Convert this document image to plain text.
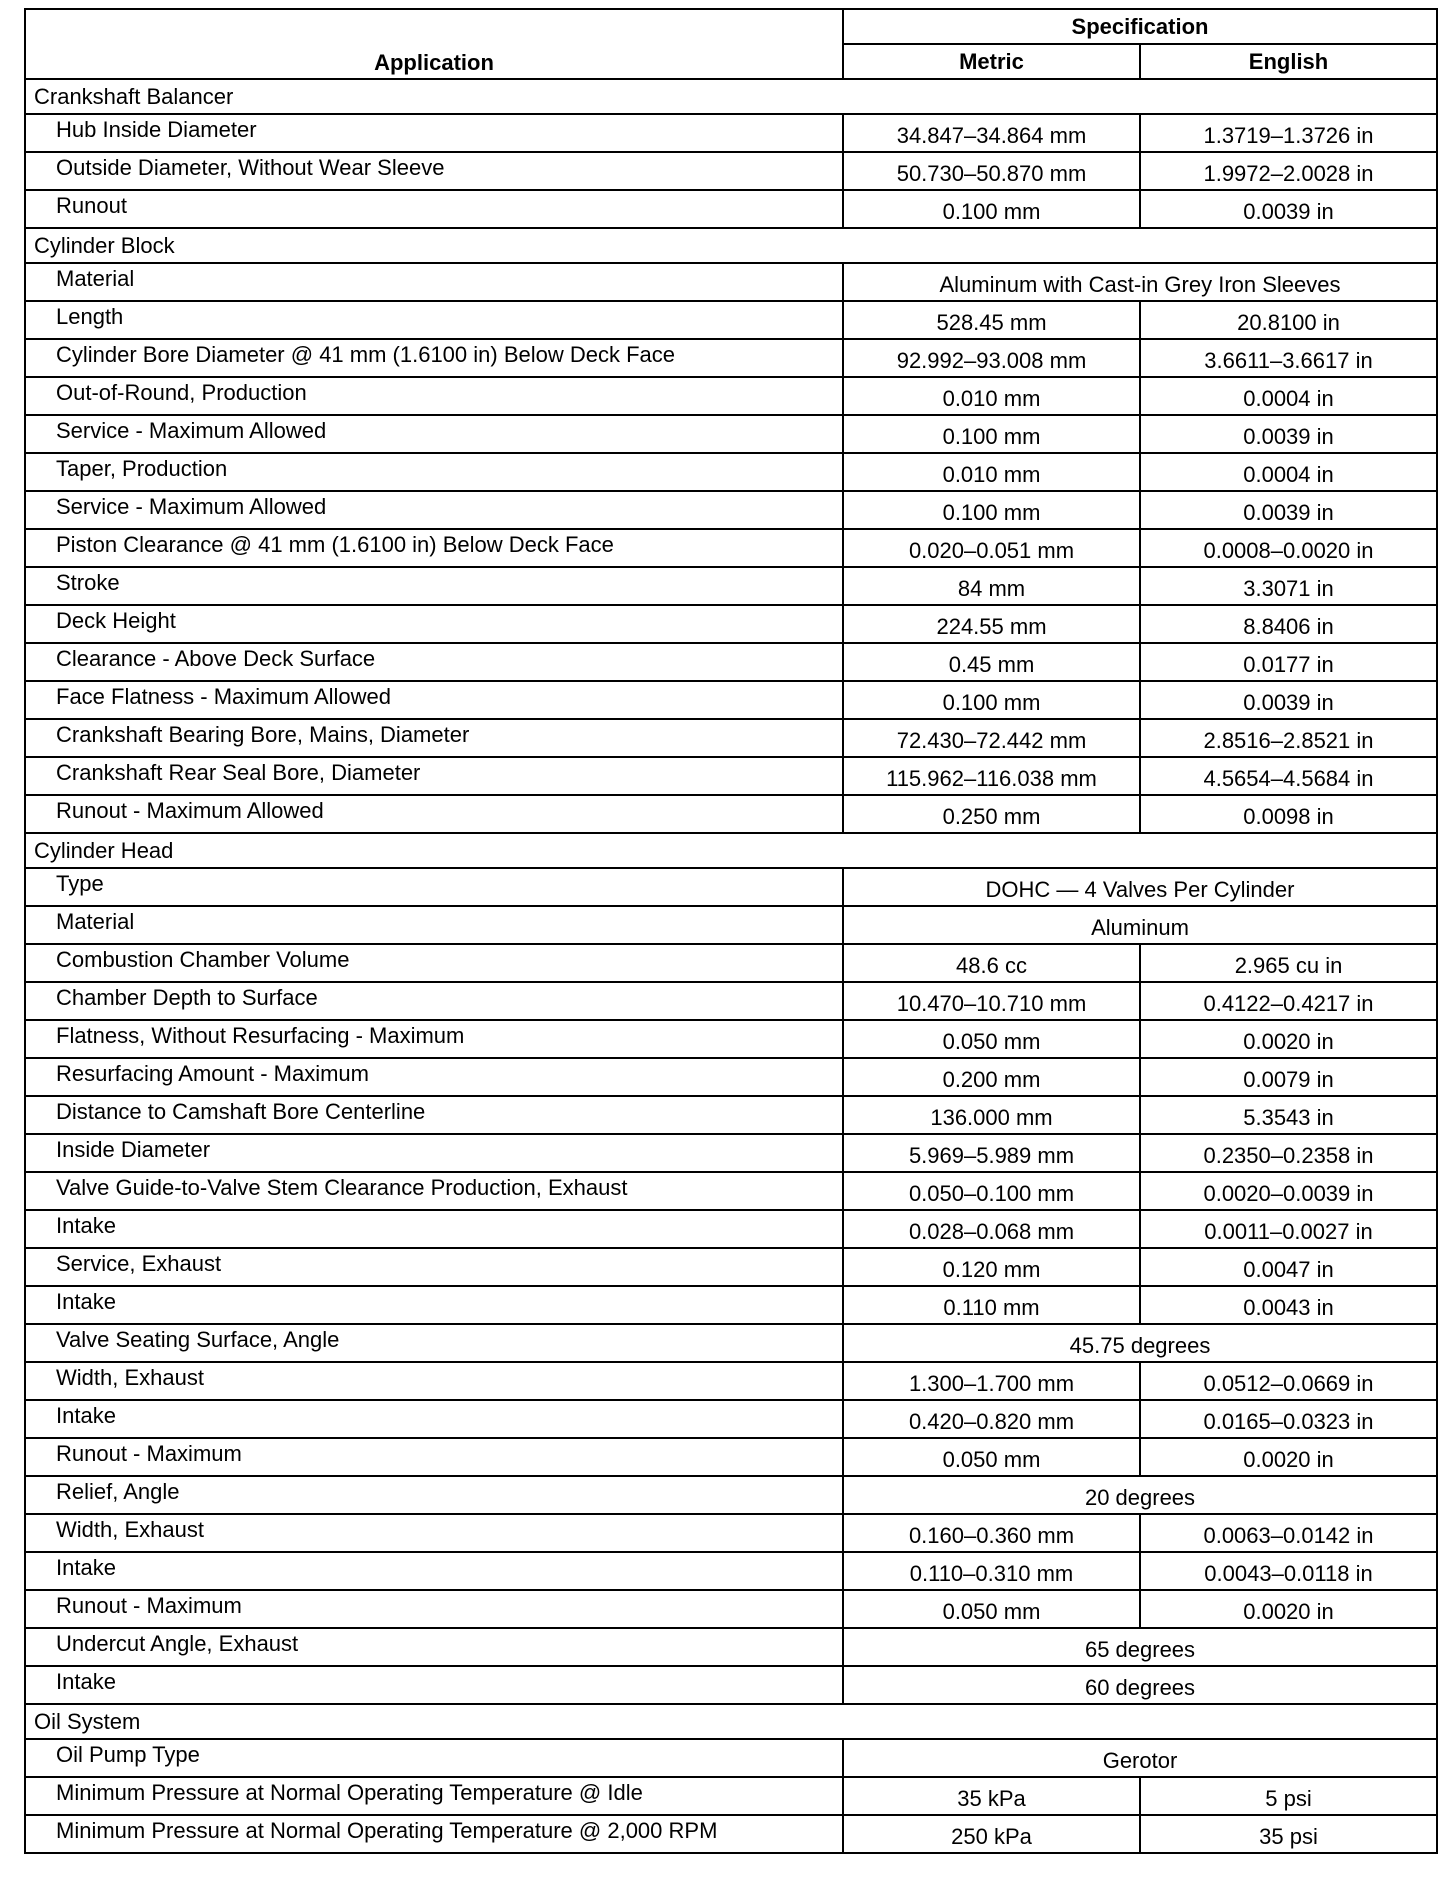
Application	Specification	
	Metric	English
Crankshaft Balancer		
Hub Inside Diameter	34.847–34.864 mm	1.3719–1.3726 in
Outside Diameter, Without Wear Sleeve	50.730–50.870 mm	1.9972–2.0028 in
Runout	0.100 mm	0.0039 in
Cylinder Block		
Material	Aluminum with Cast-in Grey Iron Sleeves	
Length	528.45 mm	20.8100 in
Cylinder Bore Diameter @ 41 mm (1.6100 in) Below Deck Face	92.992–93.008 mm	3.6611–3.6617 in
Out-of-Round, Production	0.010 mm	0.0004 in
Service - Maximum Allowed	0.100 mm	0.0039 in
Taper, Production	0.010 mm	0.0004 in
Service - Maximum Allowed	0.100 mm	0.0039 in
Piston Clearance @ 41 mm (1.6100 in) Below Deck Face	0.020–0.051 mm	0.0008–0.0020 in
Stroke	84 mm	3.3071 in
Deck Height	224.55 mm	8.8406 in
Clearance - Above Deck Surface	0.45 mm	0.0177 in
Face Flatness - Maximum Allowed	0.100 mm	0.0039 in
Crankshaft Bearing Bore, Mains, Diameter	72.430–72.442 mm	2.8516–2.8521 in
Crankshaft Rear Seal Bore, Diameter	115.962–116.038 mm	4.5654–4.5684 in
Runout - Maximum Allowed	0.250 mm	0.0098 in
Cylinder Head		
Type	DOHC — 4 Valves Per Cylinder	
Material	Aluminum	
Combustion Chamber Volume	48.6 cc	2.965 cu in
Chamber Depth to Surface	10.470–10.710 mm	0.4122–0.4217 in
Flatness, Without Resurfacing - Maximum	0.050 mm	0.0020 in
Resurfacing Amount - Maximum	0.200 mm	0.0079 in
Distance to Camshaft Bore Centerline	136.000 mm	5.3543 in
Inside Diameter	5.969–5.989 mm	0.2350–0.2358 in
Valve Guide-to-Valve Stem Clearance Production, Exhaust	0.050–0.100 mm	0.0020–0.0039 in
Intake	0.028–0.068 mm	0.0011–0.0027 in
Service, Exhaust	0.120 mm	0.0047 in
Intake	0.110 mm	0.0043 in
Valve Seating Surface, Angle	45.75 degrees	
Width, Exhaust	1.300–1.700 mm	0.0512–0.0669 in
Intake	0.420–0.820 mm	0.0165–0.0323 in
Runout - Maximum	0.050 mm	0.0020 in
Relief, Angle	20 degrees	
Width, Exhaust	0.160–0.360 mm	0.0063–0.0142 in
Intake	0.110–0.310 mm	0.0043–0.0118 in
Runout - Maximum	0.050 mm	0.0020 in
Undercut Angle, Exhaust	65 degrees	
Intake	60 degrees	
Oil System		
Oil Pump Type	Gerotor	
Minimum Pressure at Normal Operating Temperature @ Idle	35 kPa	5 psi
Minimum Pressure at Normal Operating Temperature @ 2,000 RPM	250 kPa	35 psi
